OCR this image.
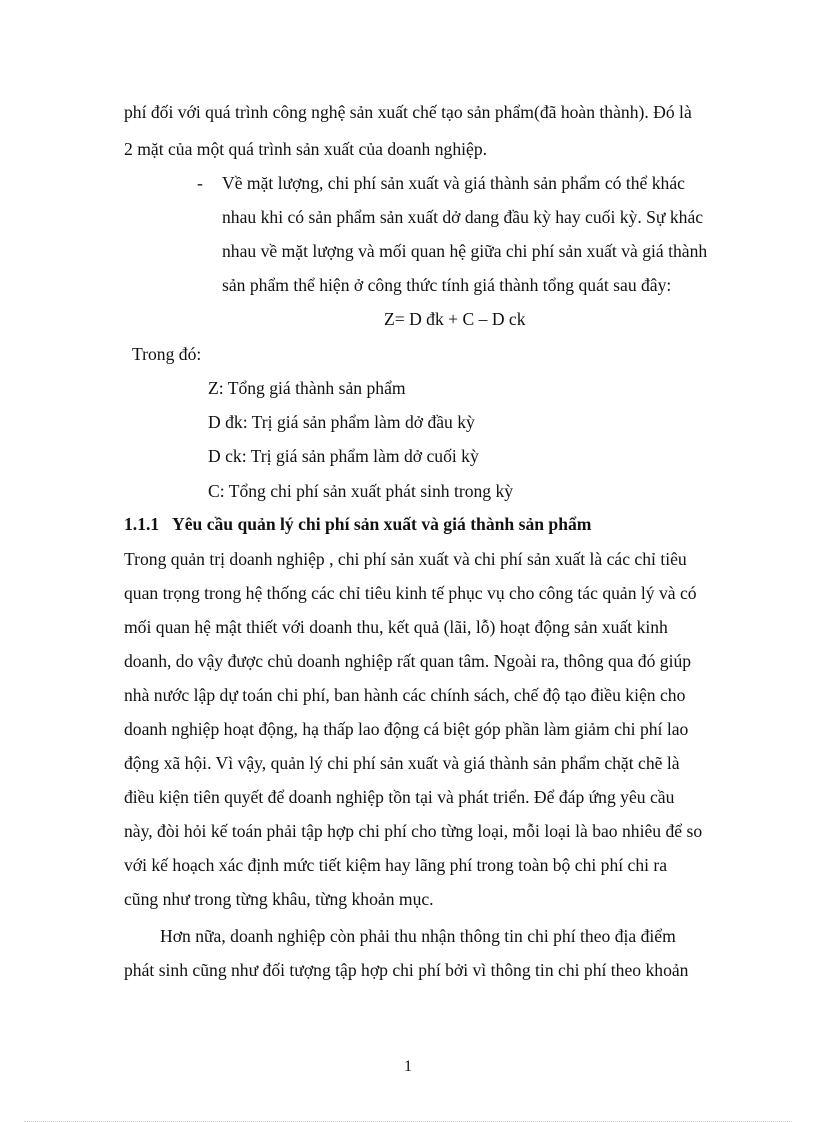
phí đối với quá trình công nghệ sản xuất chế tạo sản phẩm(đã hoàn thành). Đó là
2 mặt của một quá trình sản xuất của doanh nghiệp.
- Về mặt lượng, chi phí sản xuất và giá thành sản phẩm có thể khác
nhau khi có sản phẩm sản xuất dở dang đầu kỳ hay cuối kỳ. Sự khác
nhau về mặt lượng và mối quan hệ giữa chi phí sản xuất và giá thành
sản phẩm thể hiện ở công thức tính giá thành tổng quát sau đây:
Z= D đk + C – D ck
Trong đó:
Z: Tổng giá thành sản phẩm
D đk: Trị giá sản phẩm làm dở đầu kỳ
D ck: Trị giá sản phẩm làm dở cuối kỳ
C: Tổng chi phí sản xuất phát sinh trong kỳ
1.1.1 Yêu cầu quản lý chi phí sản xuất và giá thành sản phẩm
Trong quản trị doanh nghiệp , chi phí sản xuất và chi phí sản xuất là các chỉ tiêu
quan trọng trong hệ thống các chỉ tiêu kinh tế phục vụ cho công tác quản lý và có
mối quan hệ mật thiết với doanh thu, kết quả (lãi, lỗ) hoạt động sản xuất kinh
doanh, do vậy được chủ doanh nghiệp rất quan tâm. Ngoài ra, thông qua đó giúp
nhà nước lập dự toán chi phí, ban hành các chính sách, chế độ tạo điều kiện cho
doanh nghiệp hoạt động, hạ thấp lao động cá biệt góp phần làm giảm chi phí lao
động xã hội. Vì vậy, quản lý chi phí sản xuất và giá thành sản phẩm chặt chẽ là
điều kiện tiên quyết để doanh nghiệp tồn tại và phát triển. Để đáp ứng yêu cầu
này, đòi hỏi kế toán phải tập hợp chi phí cho từng loại, mỗi loại là bao nhiêu để so
với kế hoạch xác định mức tiết kiệm hay lãng phí trong toàn bộ chi phí chi ra
cũng như trong từng khâu, từng khoản mục.
Hơn nữa, doanh nghiệp còn phải thu nhận thông tin chi phí theo địa điểm
phát sinh cũng như đối tượng tập hợp chi phí bởi vì thông tin chi phí theo khoản
1
